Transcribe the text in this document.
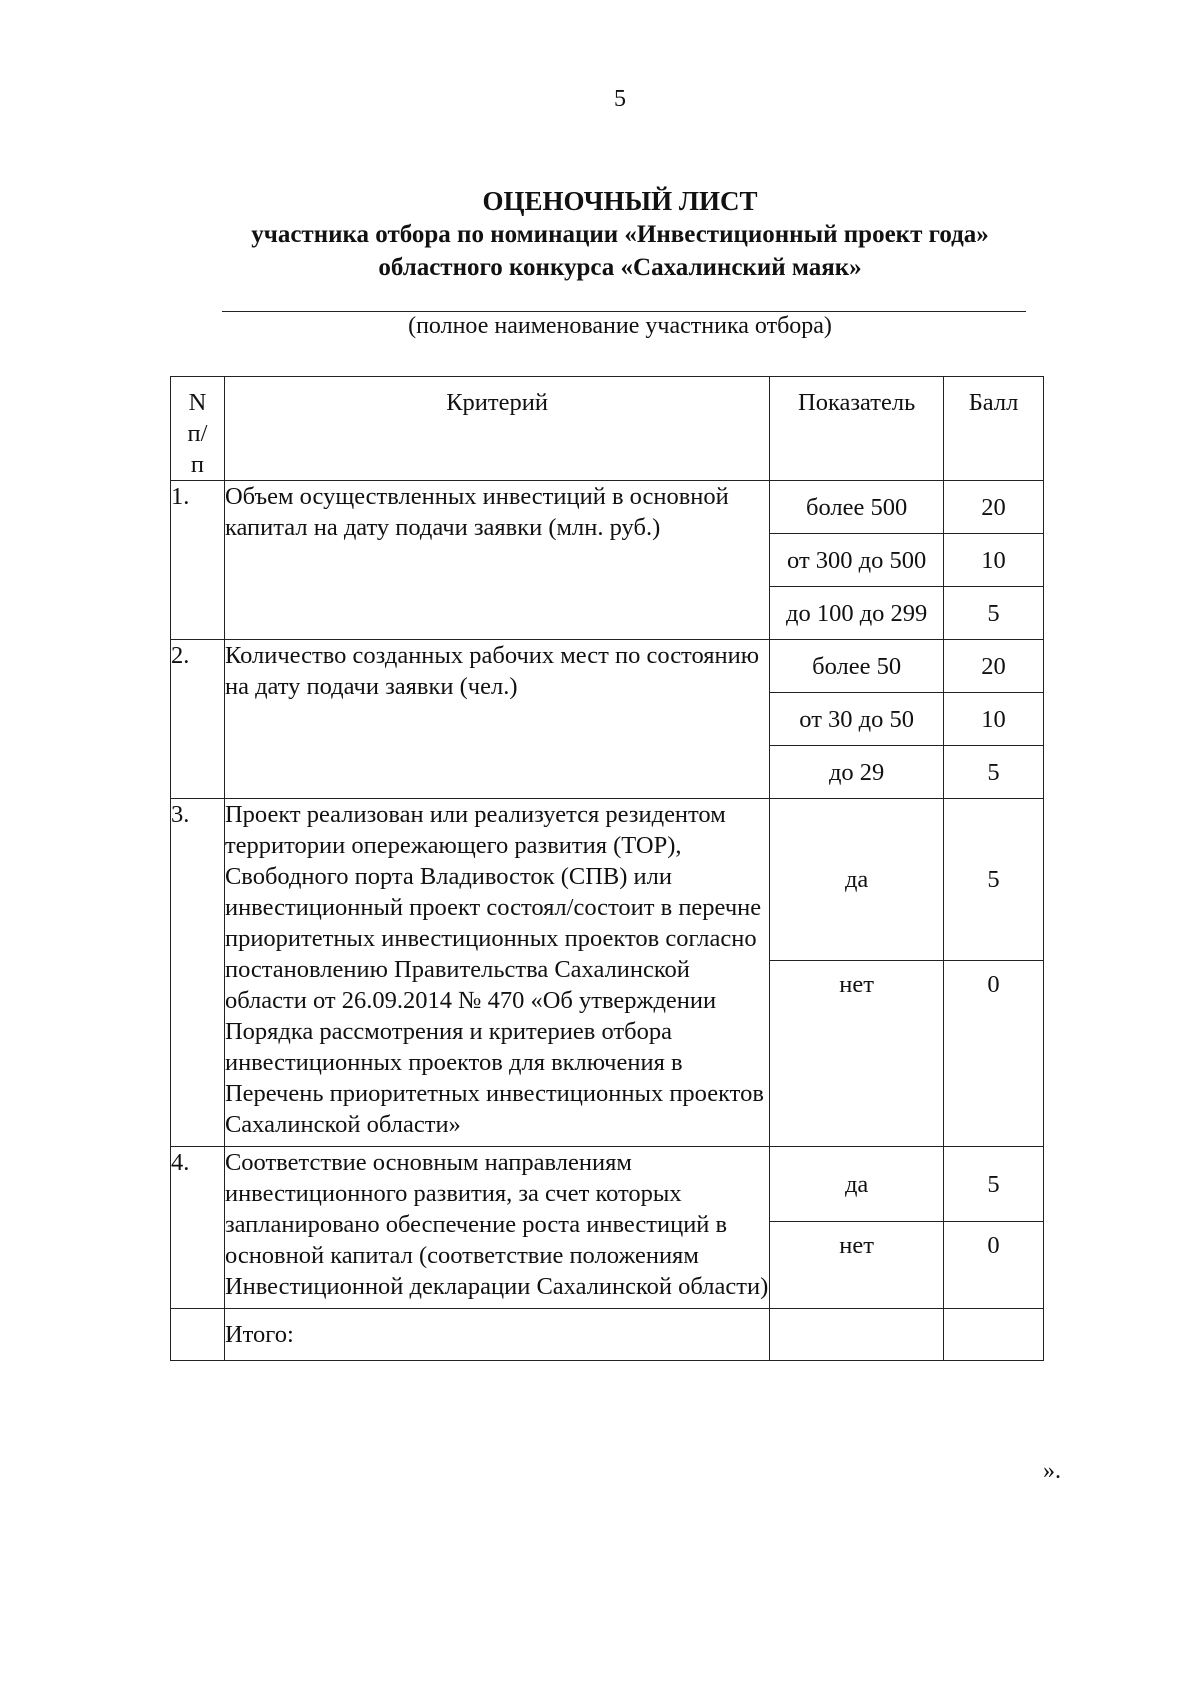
5
ОЦЕНОЧНЫЙ ЛИСТ
участника отбора по номинации «Инвестиционный проект года»
областного конкурса «Сахалинский маяк»
(полное наименование участника отбора)
N п/п	Критерий	Показатель	Балл
1.	Объем осуществленных инвестиций в основной капитал на дату подачи заявки (млн. руб.)	более 500	20
		от 300 до 500	10
		до 100 до 299	5
2.	Количество созданных рабочих мест по состоянию на дату подачи заявки (чел.)	более 50	20
		от 30 до 50	10
		до 29	5
3.	Проект реализован или реализуется резидентом территории опережающего развития (ТОР), Свободного порта Владивосток (СПВ) или инвестиционный проект состоял/состоит в перечне приоритетных инвестиционных проектов согласно постановлению Правительства Сахалинской области от 26.09.2014 № 470 «Об утверждении Порядка рассмотрения и критериев отбора инвестиционных проектов для включения в Перечень приоритетных инвестиционных проектов Сахалинской области»	да	5
		нет	0
4.	Соответствие основным направлениям инвестиционного развития, за счет которых запланировано обеспечение роста инвестиций в основной капитал (соответствие положениям Инвестиционной декларации Сахалинской области)	да	5
		нет	0
	Итого:		
».
